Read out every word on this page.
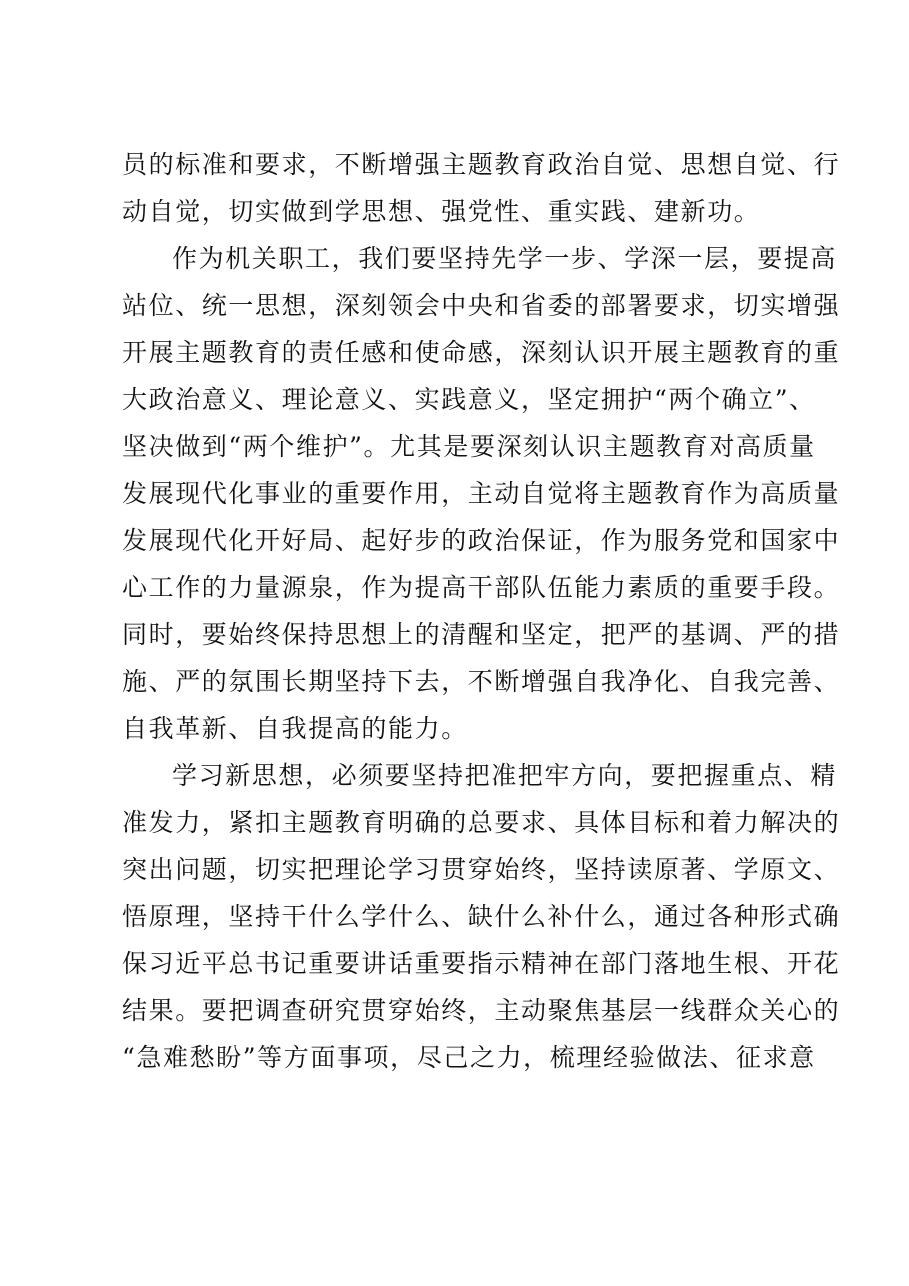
员的标准和要求，不断增强主题教育政治自觉、思想自觉、行
动自觉，切实做到学思想、强党性、重实践、建新功。
作为机关职工，我们要坚持先学一步、学深一层，要提高
站位、统一思想，深刻领会中央和省委的部署要求，切实增强
开展主题教育的责任感和使命感，深刻认识开展主题教育的重
大政治意义、理论意义、实践意义，坚定拥护“两个确立”、
坚决做到“两个维护”。尤其是要深刻认识主题教育对高质量
发展现代化事业的重要作用，主动自觉将主题教育作为高质量
发展现代化开好局、起好步的政治保证，作为服务党和国家中
心工作的力量源泉，作为提高干部队伍能力素质的重要手段。
同时，要始终保持思想上的清醒和坚定，把严的基调、严的措
施、严的氛围长期坚持下去，不断增强自我净化、自我完善、
自我革新、自我提高的能力。
学习新思想，必须要坚持把准把牢方向，要把握重点、精
准发力，紧扣主题教育明确的总要求、具体目标和着力解决的
突出问题，切实把理论学习贯穿始终，坚持读原著、学原文、
悟原理，坚持干什么学什么、缺什么补什么，通过各种形式确
保习近平总书记重要讲话重要指示精神在部门落地生根、开花
结果。要把调查研究贯穿始终，主动聚焦基层一线群众关心的
“急难愁盼”等方面事项，尽己之力，梳理经验做法、征求意
